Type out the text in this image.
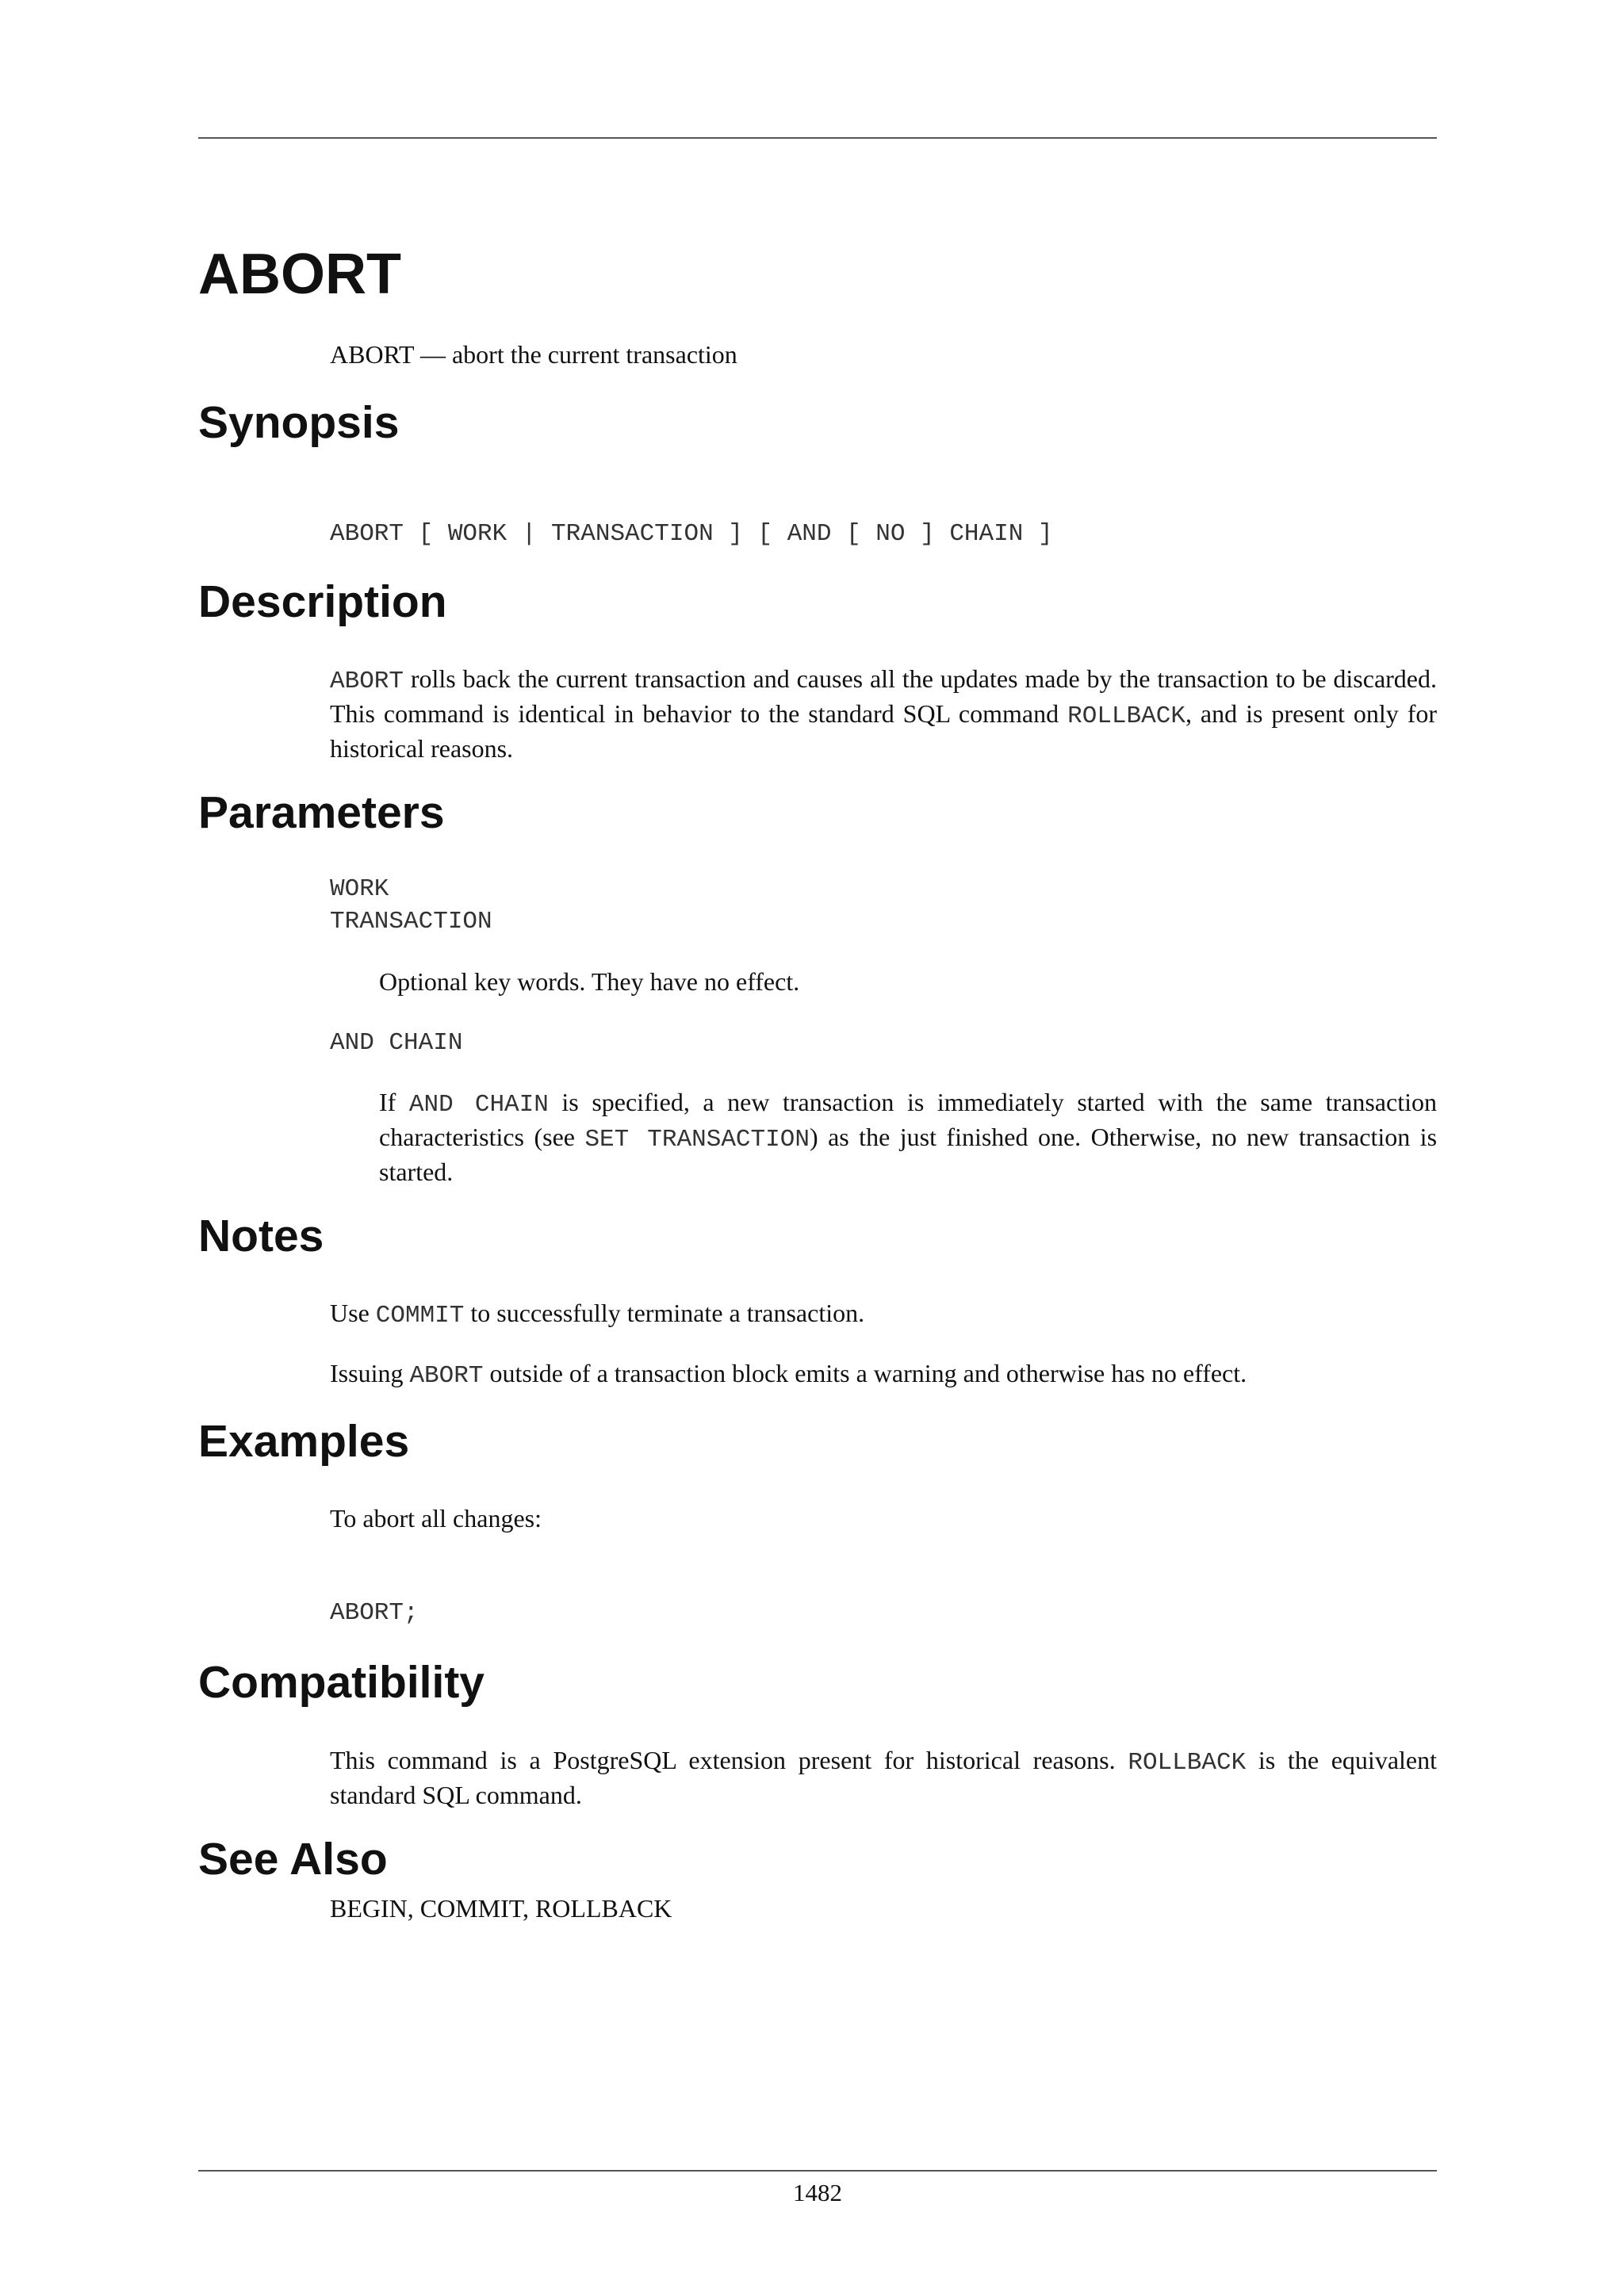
ABORT

ABORT — abort the current transaction

Synopsis
ABORT [ WORK | TRANSACTION ] [ AND [ NO ] CHAIN ]
Description

ABORT rolls back the current transaction and causes all the updates made by the transaction to be discarded. This command is identical in behavior to the standard SQL command ROLLBACK, and is present only for historical reasons.

Parameters
WORK
TRANSACTION

Optional key words. They have no effect.

AND CHAIN

If AND CHAIN is specified, a new transaction is immediately started with the same transaction characteristics (see SET TRANSACTION) as the just finished one. Otherwise, no new transaction is started.

Notes

Use COMMIT to successfully terminate a transaction.

Issuing ABORT outside of a transaction block emits a warning and otherwise has no effect.

Examples

To abort all changes:

ABORT;
Compatibility

This command is a PostgreSQL extension present for historical reasons. ROLLBACK is the equivalent standard SQL command.

See Also

BEGIN, COMMIT, ROLLBACK

1482
